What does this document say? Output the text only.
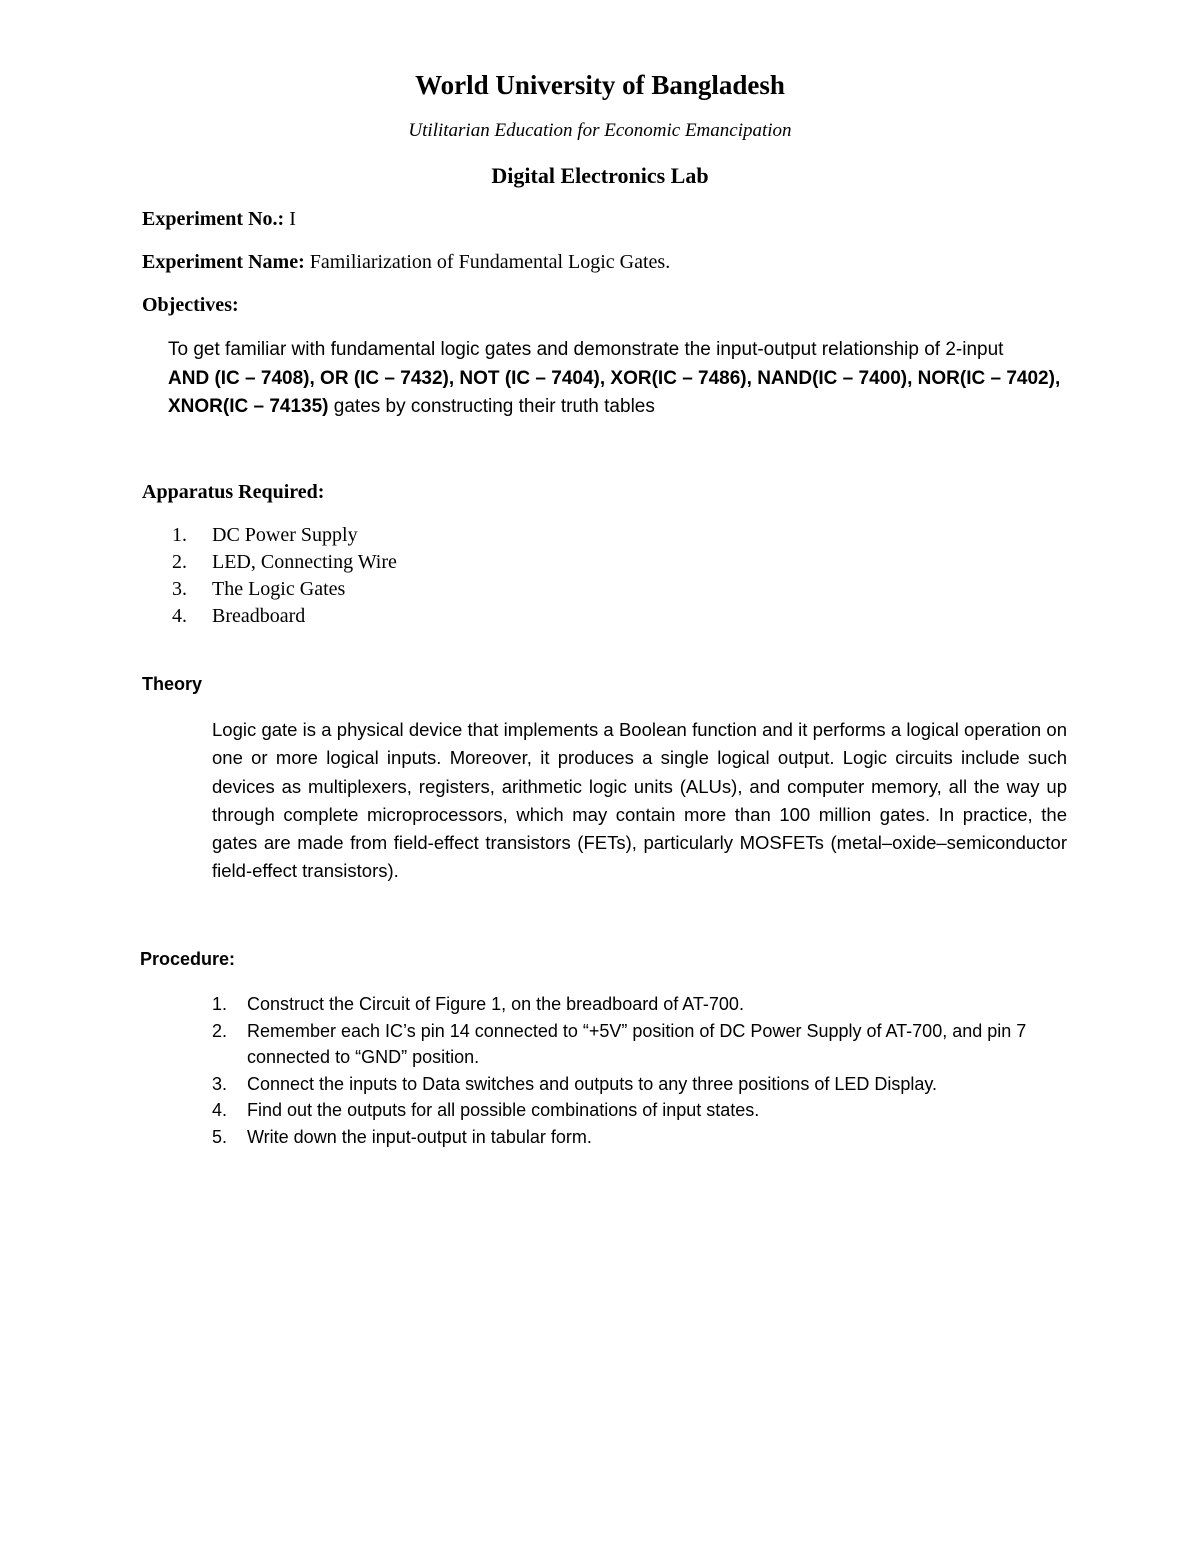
World University of Bangladesh
Utilitarian Education for Economic Emancipation
Digital Electronics Lab
Experiment No.: I
Experiment Name: Familiarization of Fundamental Logic Gates.
Objectives:
To get familiar with fundamental logic gates and demonstrate the input-output relationship of 2-input
AND (IC – 7408), OR (IC – 7432), NOT (IC – 7404), XOR(IC – 7486), NAND(IC – 7400), NOR(IC – 7402),
XNOR(IC – 74135) gates by constructing their truth tables
Apparatus Required:
1.	DC Power Supply
2.	LED, Connecting Wire
3.	The Logic Gates
4.	Breadboard
Theory
Logic gate is a physical device that implements a Boolean function and it performs a logical operation on one or more logical inputs. Moreover, it produces a single logical output. Logic circuits include such devices as multiplexers, registers, arithmetic logic units (ALUs), and computer memory, all the way up through complete microprocessors, which may contain more than 100 million gates. In practice, the gates are made from field-effect transistors (FETs), particularly MOSFETs (metal–oxide–semiconductor field-effect transistors).
Procedure:
1.	Construct the Circuit of Figure 1, on the breadboard of AT-700.
2.	Remember each IC’s pin 14 connected to “+5V” position of DC Power Supply of AT-700, and pin 7 connected to “GND” position.
3.	Connect the inputs to Data switches and outputs to any three positions of LED Display.
4.	Find out the outputs for all possible combinations of input states.
5.	Write down the input-output in tabular form.
